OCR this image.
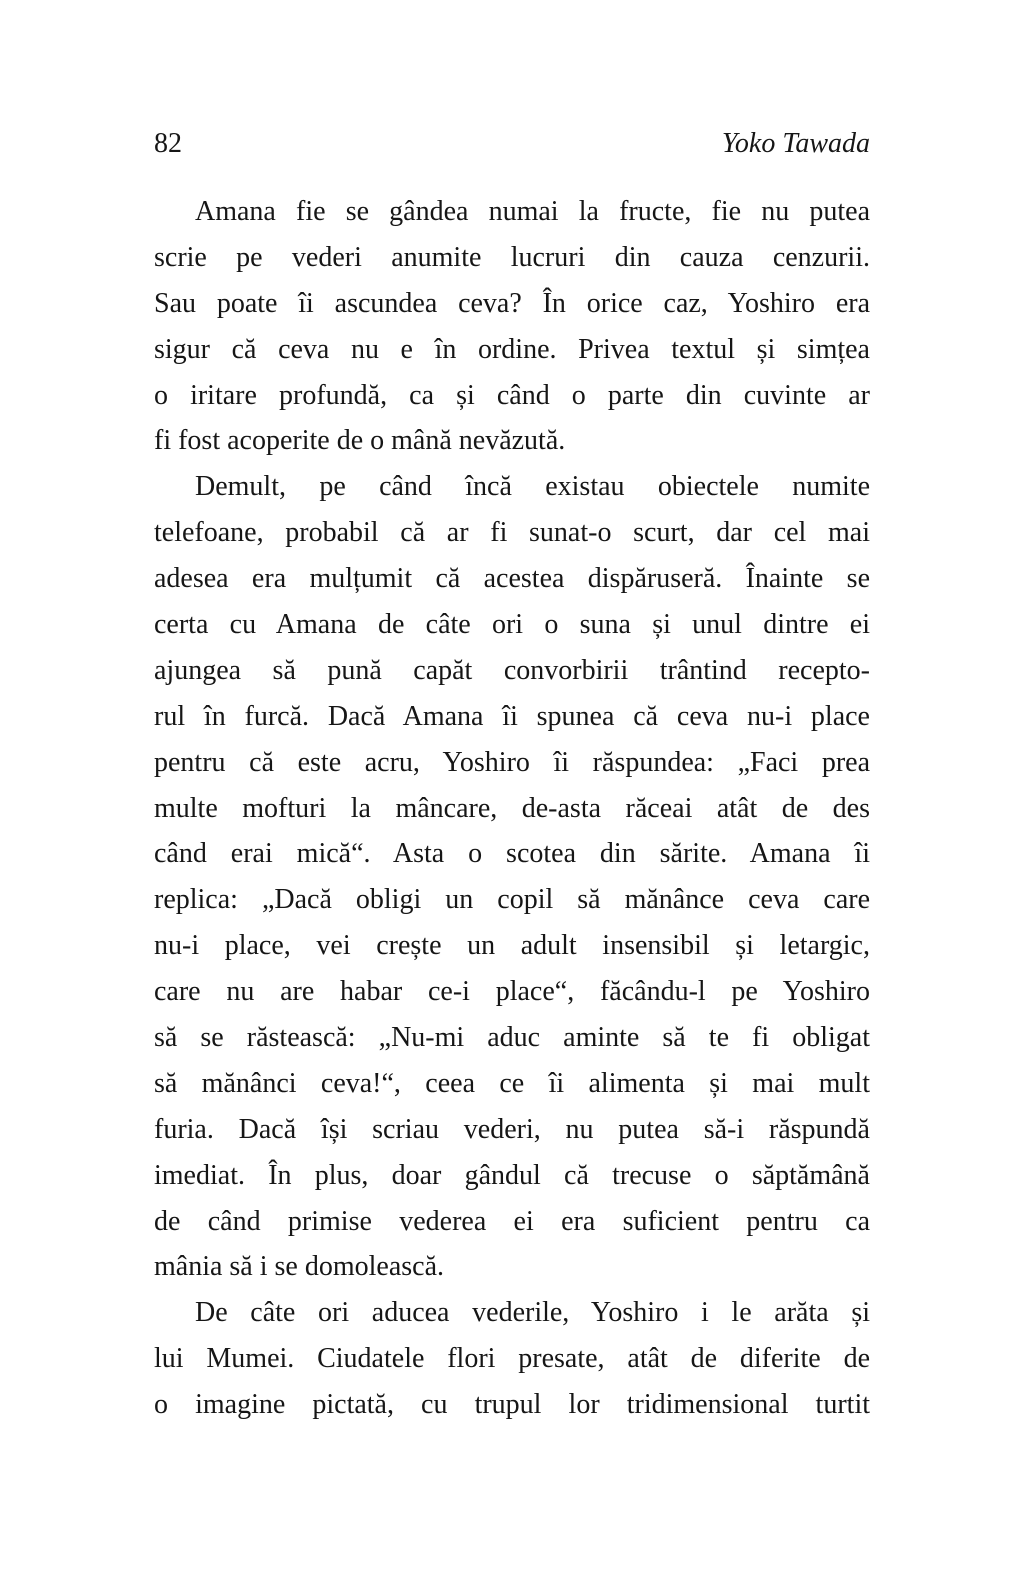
82	Yoko Tawada
Amana fie se gândea numai la fructe, fie nu putea
scrie pe vederi anumite lucruri din cauza cenzurii.
Sau poate îi ascundea ceva? În orice caz, Yoshiro era
sigur că ceva nu e în ordine. Privea textul și simțea
o iritare profundă, ca și când o parte din cuvinte ar
fi fost acoperite de o mână nevăzută.
Demult, pe când încă existau obiectele numite
telefoane, probabil că ar fi sunat-o scurt, dar cel mai
adesea era mulțumit că acestea dispăruseră. Înainte se
certa cu Amana de câte ori o suna și unul dintre ei
ajungea să pună capăt convorbirii trântind recepto-
rul în furcă. Dacă Amana îi spunea că ceva nu-i place
pentru că este acru, Yoshiro îi răspundea: „Faci prea
multe mofturi la mâncare, de-asta răceai atât de des
când erai mică“. Asta o scotea din sărite. Amana îi
replica: „Dacă obligi un copil să mănânce ceva care
nu-i place, vei crește un adult insensibil și letargic,
care nu are habar ce-i place“, făcându-l pe Yoshiro
să se răstească: „Nu-mi aduc aminte să te fi obligat
să mănânci ceva!“, ceea ce îi alimenta și mai mult
furia. Dacă își scriau vederi, nu putea să-i răspundă
imediat. În plus, doar gândul că trecuse o săptămână
de când primise vederea ei era suficient pentru ca
mânia să i se domolească.
De câte ori aducea vederile, Yoshiro i le arăta și
lui Mumei. Ciudatele flori presate, atât de diferite de
o imagine pictată, cu trupul lor tridimensional turtit
